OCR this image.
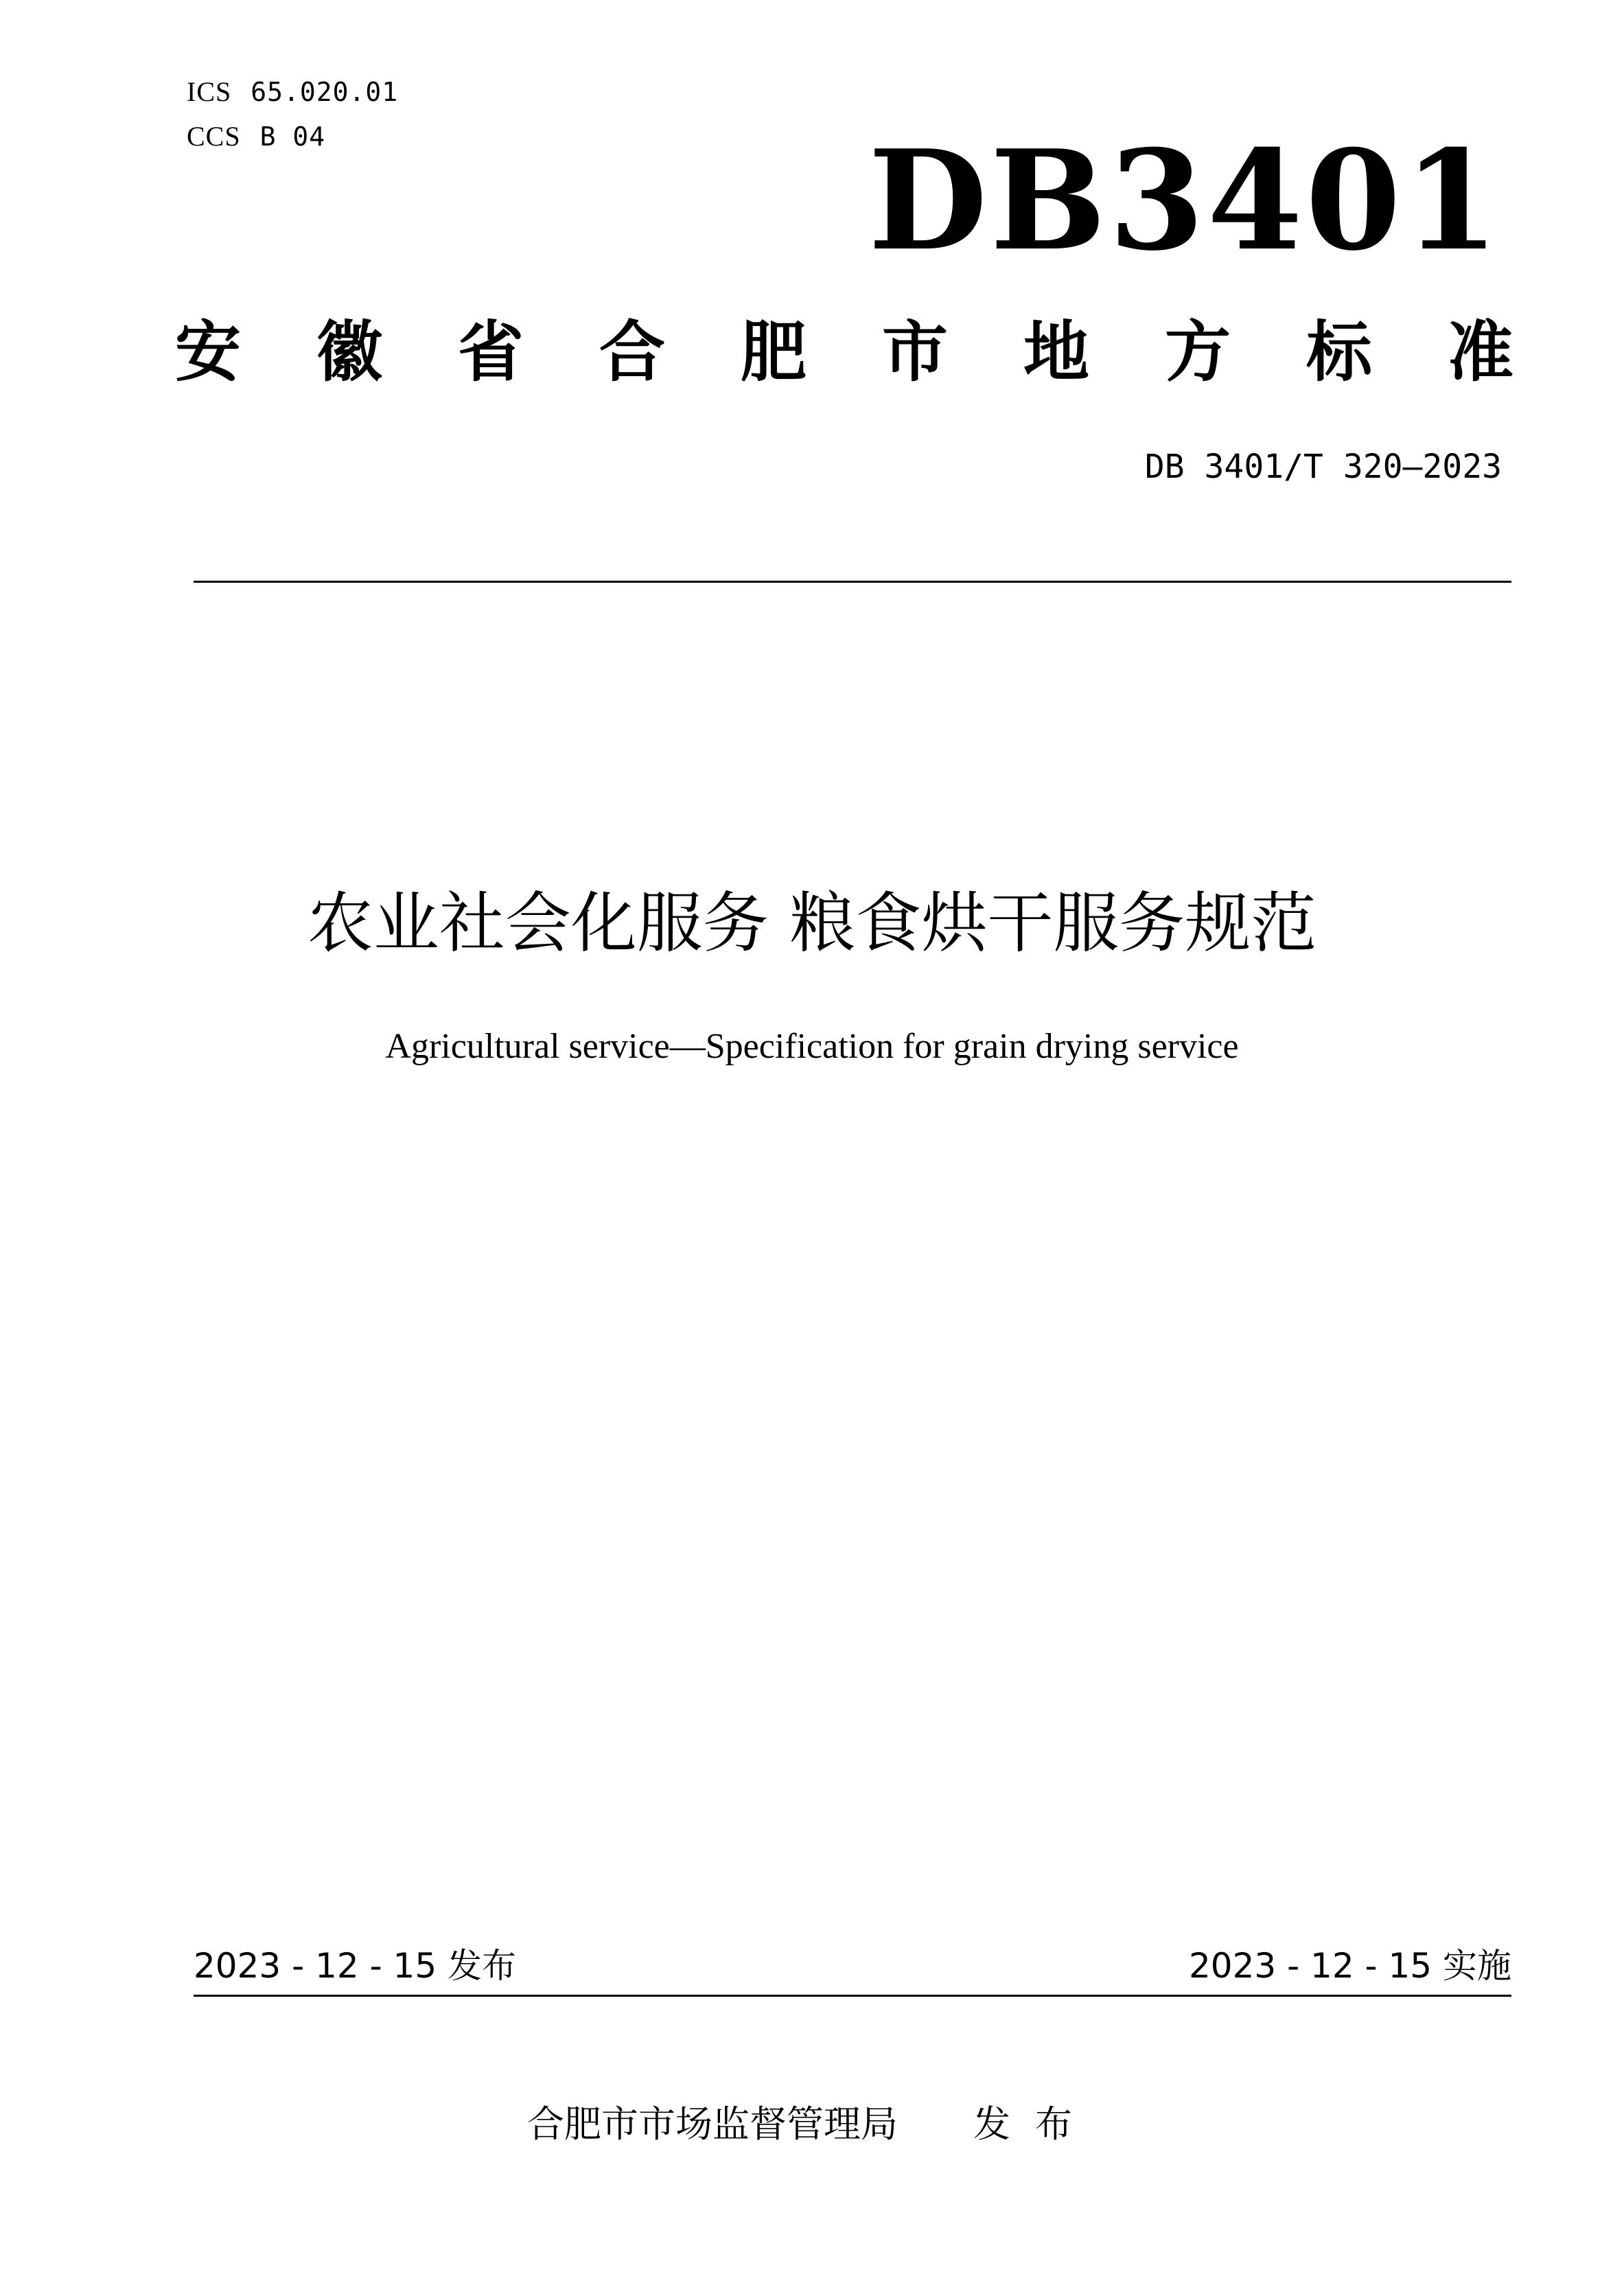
ICS 65.020.01
CCS B 04	DB3401
安 徽 省 合 肥 市 地 方 标 准
DB 3401/T 320—2023
农业社会化服务 粮食烘干服务规范
Agricultural service—Specification for grain drying service
2023 - 12 - 15 发布	2023 - 12 - 15 实施
合肥市市场监督管理局 发布
